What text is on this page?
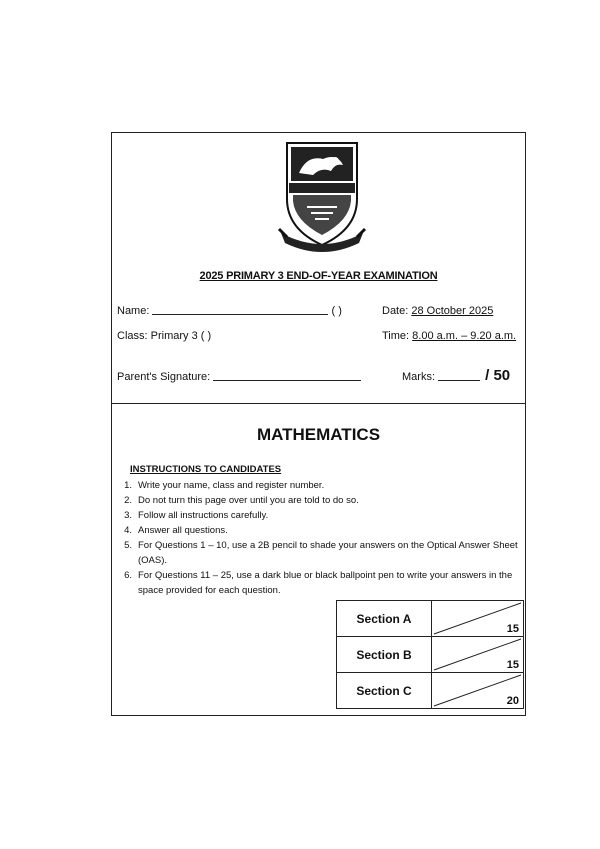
2025 PRIMARY 3 END-OF-YEAR EXAMINATION
Name:	( )	Date: 28 October 2025
Class: Primary 3 ( )	Time: 8.00 a.m. – 9.20 a.m.
Parent's Signature:	Marks:	/ 50
MATHEMATICS
INSTRUCTIONS TO CANDIDATES
1. Write your name, class and register number.
2. Do not turn this page over until you are told to do so.
3. Follow all instructions carefully.
4. Answer all questions.
5. For Questions 1 – 10, use a 2B pencil to shade your answers on the Optical Answer Sheet (OAS).
6. For Questions 11 – 25, use a dark blue or black ballpoint pen to write your answers in the space provided for each question.
Section A	15

Section B	15

Section C	20
